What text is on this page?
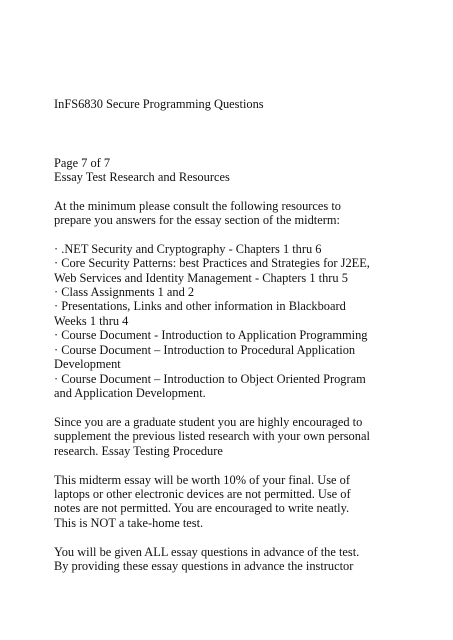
InFS6830 Secure Programming Questions
Page 7 of 7
Essay Test Research and Resources
At the minimum please consult the following resources to
prepare you answers for the essay section of the midterm:
· .NET Security and Cryptography - Chapters 1 thru 6
· Core Security Patterns: best Practices and Strategies for J2EE,
Web Services and Identity Management - Chapters 1 thru 5
· Class Assignments 1 and 2
· Presentations, Links and other information in Blackboard
Weeks 1 thru 4
· Course Document - Introduction to Application Programming
· Course Document – Introduction to Procedural Application
Development
· Course Document – Introduction to Object Oriented Program
and Application Development.
Since you are a graduate student you are highly encouraged to
supplement the previous listed research with your own personal
research. Essay Testing Procedure
This midterm essay will be worth 10% of your final. Use of
laptops or other electronic devices are not permitted. Use of
notes are not permitted. You are encouraged to write neatly.
This is NOT a take-home test.
You will be given ALL essay questions in advance of the test.
By providing these essay questions in advance the instructor
